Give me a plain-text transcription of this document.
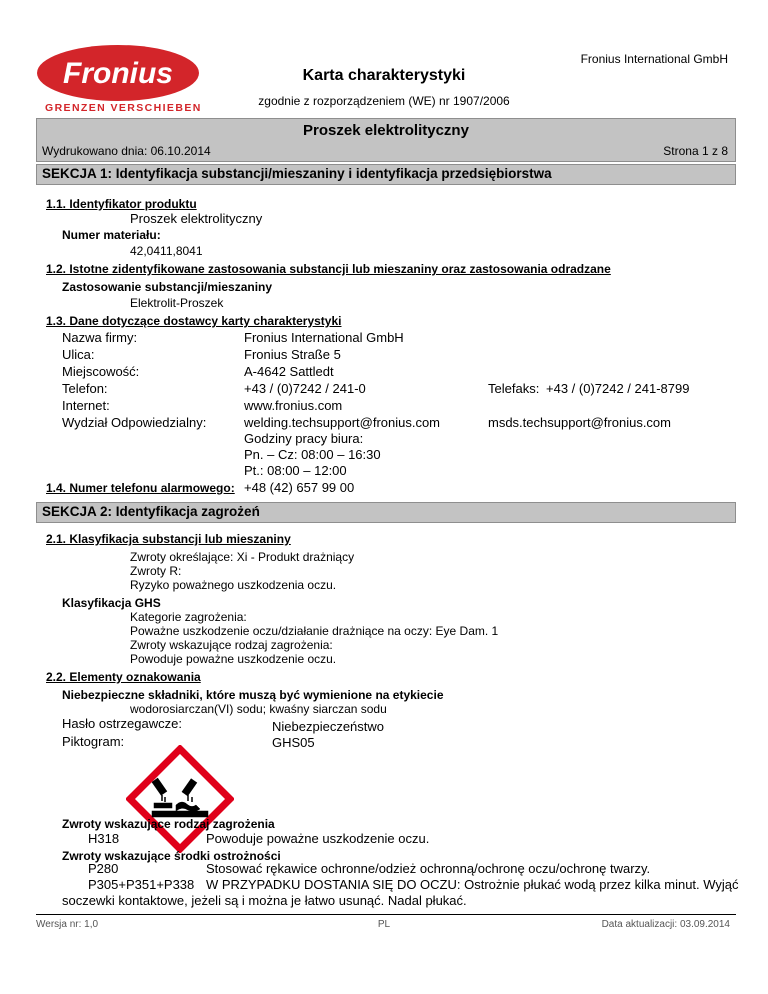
Fronius
GRENZEN VERSCHIEBEN
Fronius International GmbH
Karta charakterystyki
zgodnie z rozporządzeniem (WE) nr 1907/2006
Proszek elektrolityczny
Wydrukowano dnia: 06.10.2014	Strona 1 z 8
SEKCJA 1: Identyfikacja substancji/mieszaniny i identyfikacja przedsiębiorstwa
1.1. Identyfikator produktu
Proszek elektrolityczny
Numer materiału:
42,0411,8041
1.2. Istotne zidentyfikowane zastosowania substancji lub mieszaniny oraz zastosowania odradzane
Zastosowanie substancji/mieszaniny
Elektrolit-Proszek
1.3. Dane dotyczące dostawcy karty charakterystyki
Nazwa firmy:	Fronius International GmbH
Ulica:	Fronius Straße 5
Miejscowość:	A-4642 Sattledt
Telefon:	+43 / (0)7242 / 241-0	Telefaks: +43 / (0)7242 / 241-8799
Internet:	www.fronius.com
Wydział Odpowiedzialny:	welding.techsupport@fronius.com	msds.techsupport@fronius.com
Godziny pracy biura:
Pn. – Cz: 08:00 – 16:30
Pt.: 08:00 – 12:00
1.4. Numer telefonu alarmowego: +48 (42) 657 99 00
SEKCJA 2: Identyfikacja zagrożeń
2.1. Klasyfikacja substancji lub mieszaniny
Zwroty określające: Xi - Produkt drażniący
Zwroty R:
Ryzyko poważnego uszkodzenia oczu.
Klasyfikacja GHS
Kategorie zagrożenia:
Poważne uszkodzenie oczu/działanie drażniące na oczy: Eye Dam. 1
Zwroty wskazujące rodzaj zagrożenia:
Powoduje poważne uszkodzenie oczu.
2.2. Elementy oznakowania
Niebezpieczne składniki, które muszą być wymienione na etykiecie
wodorosiarczan(VI) sodu; kwaśny siarczan sodu
Hasło ostrzegawcze:	Niebezpieczeństwo
Piktogram:	GHS05
Zwroty wskazujące rodzaj zagrożenia
H318	Powoduje poważne uszkodzenie oczu.
Zwroty wskazujące środki ostrożności
P280	Stosować rękawice ochronne/odzież ochronną/ochronę oczu/ochronę twarzy.
P305+P351+P338 W PRZYPADKU DOSTANIA SIĘ DO OCZU: Ostrożnie płukać wodą przez kilka minut. Wyjąć
soczewki kontaktowe, jeżeli są i można je łatwo usunąć. Nadal płukać.
Wersja nr: 1,0	PL	Data aktualizacji: 03.09.2014
